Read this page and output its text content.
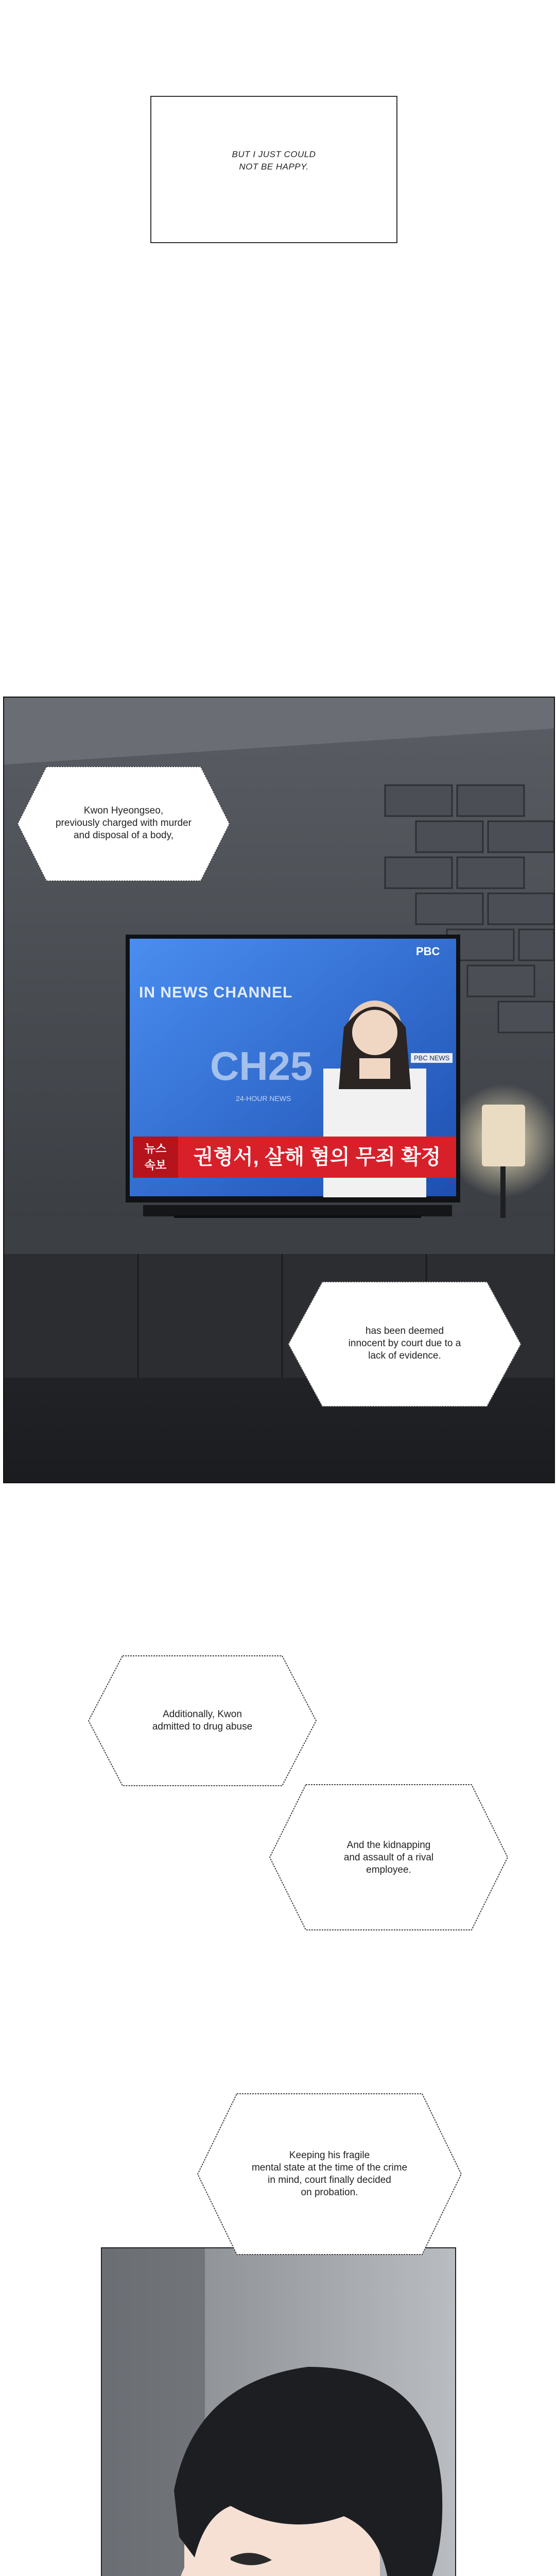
BUT I JUST COULD
NOT BE HAPPY.
PBC
IN NEWS CHANNEL
CH25	PBC NEWS
24-HOUR NEWS
뉴스
속보	권형서, 살해 혐의 무죄 확정
Kwon Hyeongseo,
previously charged with murder
and disposal of a body,
has been deemed
innocent by court due to a
lack of evidence.
Additionally, Kwon
admitted to drug abuse
And the kidnapping
and assault of a rival
employee.
Keeping his fragile
mental state at the time of the crime
in mind, court finally decided
on probation.
